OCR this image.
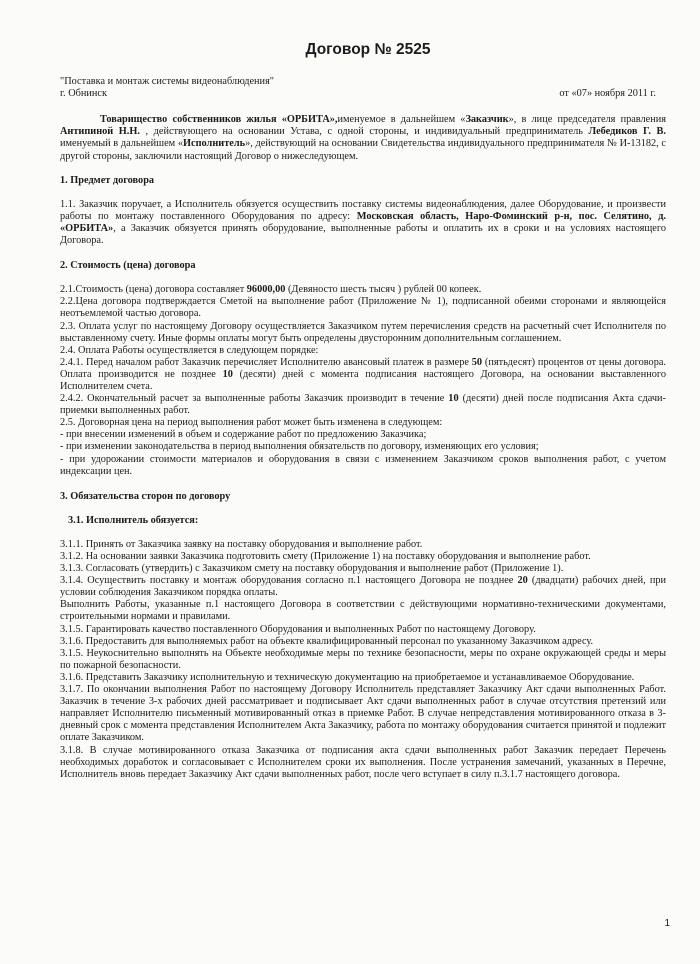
Договор № 2525

"Поставка и монтаж системы видеонаблюдения"

г. Обнинск	от «07» ноября 2011 г.

Товарищество собственников жилья «ОРБИТА»,именуемое в дальнейшем «Заказчик», в лице председателя правления Антипиной Н.Н. , действующего на основании Устава, с одной стороны, и индивидуальный предприниматель Лебедиков Г. В. именуемый в дальнейшем «Исполнитель», действующий на основании Свидетельства индивидуального предпринимателя № И-13182, с другой стороны, заключили настоящий Договор о нижеследующем.

1. Предмет договора

1.1. Заказчик поручает, а Исполнитель обязуется осуществить поставку системы видеонаблюдения, далее Оборудование, и произвести работы по монтажу поставленного Оборудования по адресу: Московская область, Наро-Фоминский р-н, пос. Селятино, д. «ОРБИТА», а Заказчик обязуется принять оборудование, выполненные работы и оплатить их в сроки и на условиях настоящего Договора.

2. Стоимость (цена) договора

2.1.Стоимость (цена) договора составляет 96000,00 (Девяносто шесть тысяч ) рублей 00 копеек.

2.2.Цена договора подтверждается Сметой на выполнение работ (Приложение № 1), подписанной обеими сторонами и являющейся неотъемлемой частью договора.

2.3. Оплата услуг по настоящему Договору осуществляется Заказчиком путем перечисления средств на расчетный счет Исполнителя по выставленному счету. Иные формы оплаты могут быть определены двусторонним дополнительным соглашением.

2.4. Оплата Работы осуществляется в следующем порядке:

2.4.1. Перед началом работ Заказчик перечисляет Исполнителю авансовый платеж в размере 50 (пятьдесят) процентов от цены договора. Оплата производится не позднее 10 (десяти) дней с момента подписания настоящего Договора, на основании выставленного Исполнителем счета.

2.4.2. Окончательный расчет за выполненные работы Заказчик производит в течение 10 (десяти) дней после подписания Акта сдачи-приемки выполненных работ.

2.5. Договорная цена на период выполнения работ может быть изменена в следующем:

- при внесении изменений в объем и содержание работ по предложению Заказчика;

- при изменении законодательства в период выполнения обязательств по договору, изменяющих его условия;

- при удорожании стоимости материалов и оборудования в связи с изменением Заказчиком сроков выполнения работ, с учетом индексации цен.

3. Обязательства сторон по договору

3.1. Исполнитель обязуется:

3.1.1. Принять от Заказчика заявку на поставку оборудования и выполнение работ.

3.1.2. На основании заявки Заказчика подготовить смету (Приложение 1) на поставку оборудования и выполнение работ.

3.1.3. Согласовать (утвердить) с Заказчиком смету на поставку оборудования и выполнение работ (Приложение 1).

3.1.4. Осуществить поставку и монтаж оборудования согласно п.1 настоящего Договора не позднее 20 (двадцати) рабочих дней, при условии соблюдения Заказчиком порядка оплаты.

Выполнить Работы, указанные п.1 настоящего Договора в соответствии с действующими нормативно-техническими документами, строительными нормами и правилами.

3.1.5. Гарантировать качество поставленного Оборудования и выполненных Работ по настоящему Договору.

3.1.6. Предоставить для выполняемых работ на объекте квалифицированный персонал по указанному Заказчиком адресу.

3.1.5. Неукоснительно выполнять на Объекте необходимые меры по технике безопасности, меры по охране окружающей среды и меры по пожарной безопасности.

3.1.6. Представить Заказчику исполнительную и техническую документацию на приобретаемое и устанавливаемое Оборудование.

3.1.7. По окончании выполнения Работ по настоящему Договору Исполнитель представляет Заказчику Акт сдачи выполненных Работ. Заказчик в течение 3-х рабочих дней рассматривает и подписывает Акт сдачи выполненных работ в случае отсутствия претензий или направляет Исполнителю письменный мотивированный отказ в приемке Работ. В случае непредставления мотивированного отказа в 3-дневный срок с момента представления Исполнителем Акта Заказчику, работа по монтажу оборудования считается принятой и подлежит оплате Заказчиком.

3.1.8. В случае мотивированного отказа Заказчика от подписания акта сдачи выполненных работ Заказчик передает Перечень необходимых доработок и согласовывает с Исполнителем сроки их выполнения. После устранения замечаний, указанных в Перечне, Исполнитель вновь передает Заказчику Акт сдачи выполненных работ, после чего вступает в силу п.3.1.7 настоящего договора.

1
